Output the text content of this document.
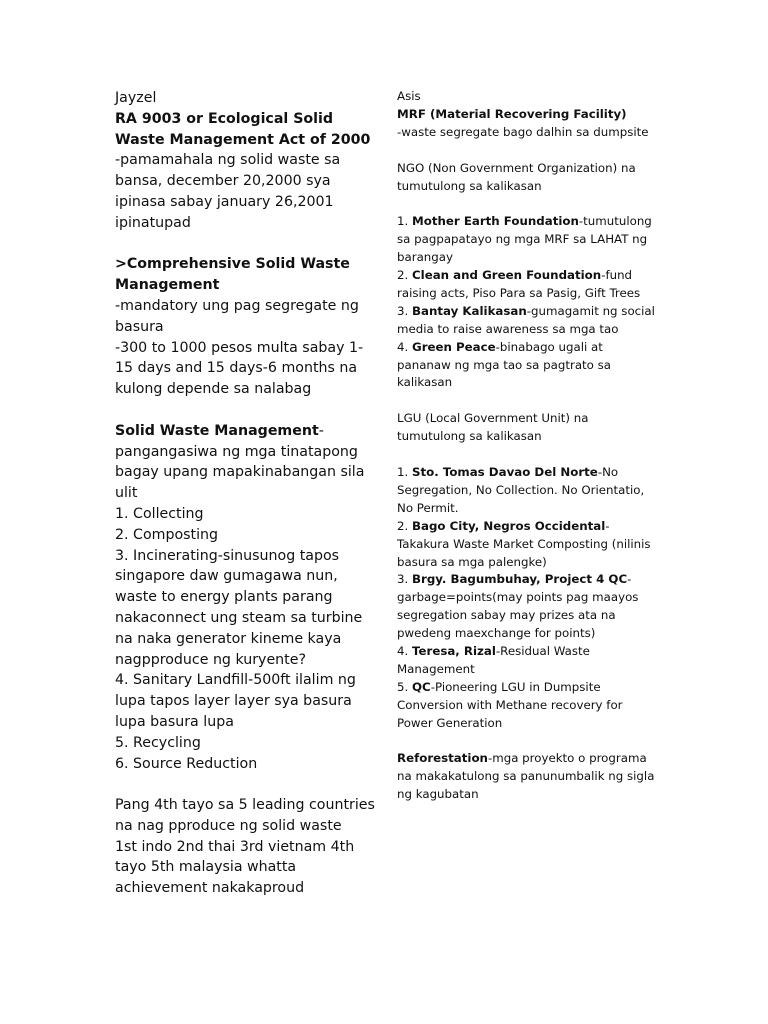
Jayzel

RA 9003 or Ecological Solid Waste Management Act of 2000

-pamamahala ng solid waste sa bansa, december 20,2000 sya ipinasa sabay january 26,2001 ipinatupad

>Comprehensive Solid Waste Management

-mandatory ung pag segregate ng basura

-300 to 1000 pesos multa sabay 1-15 days and 15 days-6 months na kulong depende sa nalabag

Solid Waste Management-pangangasiwa ng mga tinatapong bagay upang mapakinabangan sila ulit

1. Collecting

2. Composting

3. Incinerating-sinusunog tapos singapore daw gumagawa nun, waste to energy plants parang nakaconnect ung steam sa turbine na naka generator kineme kaya nagpproduce ng kuryente?

4. Sanitary Landfill-500ft ilalim ng lupa tapos layer layer sya basura lupa basura lupa

5. Recycling

6. Source Reduction

Pang 4th tayo sa 5 leading countries na nag pproduce ng solid waste

1st indo 2nd thai 3rd vietnam 4th tayo 5th malaysia whatta achievement nakakaproud

Asis

MRF (Material Recovering Facility)

-waste segregate bago dalhin sa dumpsite

NGO (Non Government Organization) na tumutulong sa kalikasan

1. Mother Earth Foundation-tumutulong sa pagpapatayo ng mga MRF sa LAHAT ng barangay

2. Clean and Green Foundation-fund raising acts, Piso Para sa Pasig, Gift Trees

3. Bantay Kalikasan-gumagamit ng social media to raise awareness sa mga tao

4. Green Peace-binabago ugali at pananaw ng mga tao sa pagtrato sa kalikasan

LGU (Local Government Unit) na tumutulong sa kalikasan

1. Sto. Tomas Davao Del Norte-No Segregation, No Collection. No Orientatio, No Permit.

2. Bago City, Negros Occidental-Takakura Waste Market Composting (nilinis basura sa mga palengke)

3. Brgy. Bagumbuhay, Project 4 QC-garbage=points(may points pag maayos segregation sabay may prizes ata na pwedeng maexchange for points)

4. Teresa, Rizal-Residual Waste Management

5. QC-Pioneering LGU in Dumpsite Conversion with Methane recovery for Power Generation

Reforestation-mga proyekto o programa na makakatulong sa panunumbalik ng sigla ng kagubatan
